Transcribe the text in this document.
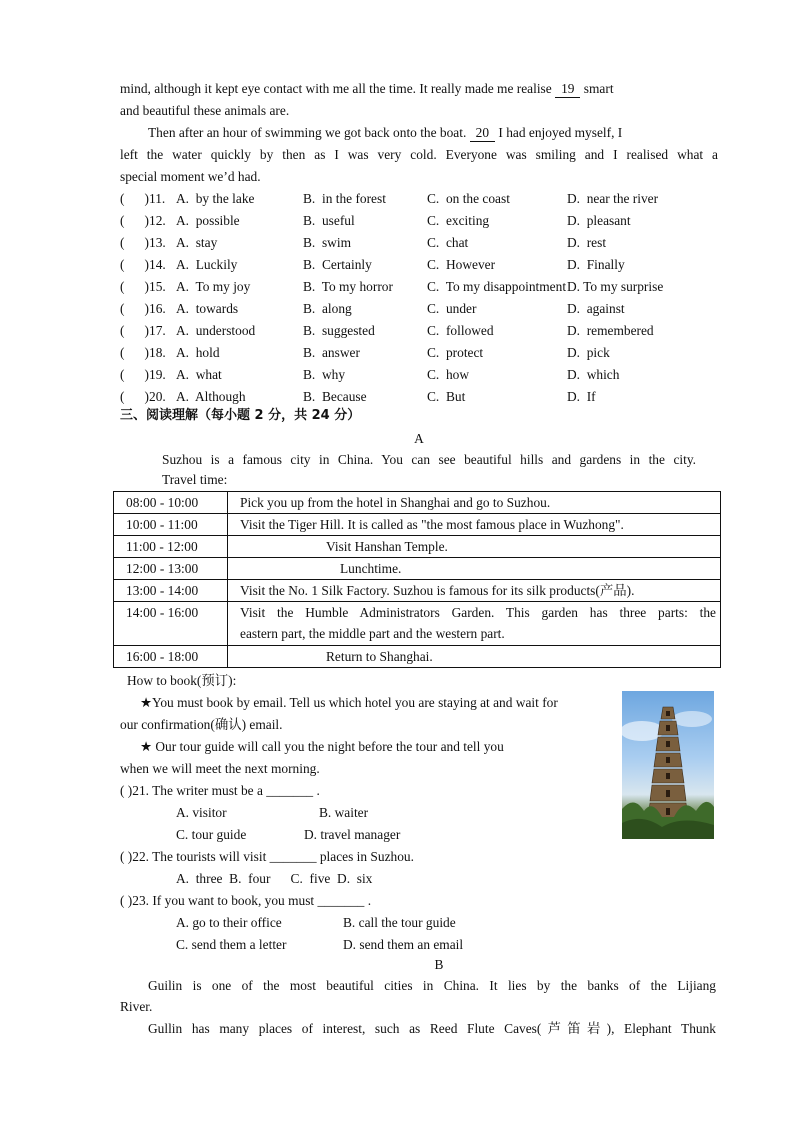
mind, although it kept eye contact with me all the time. It really made me realise 19 smart
and beautiful these animals are.
Then after an hour of swimming we got back onto the boat. 20 I had enjoyed myself, I
left the water quickly by then as I was very cold. Everyone was smiling and I realised what a
special moment we’d had.
(      )11. A.  by the lake	B.  in the forest	C.  on the coast	D.  near the river
(      )12. A.  possible	B.  useful	C.  exciting	D.  pleasant
(      )13. A.  stay	B.  swim	C.  chat	D.  rest
(      )14. A.  Luckily	B.  Certainly	C.  However	D.  Finally
(      )15. A.  To my joy	B.  To my horror	C.  To my disappointment D. To my surprise
(      )16. A.  towards	B.  along	C.  under	D.  against
(      )17. A.  understood	B.  suggested	C.  followed	D.  remembered
(      )18. A.  hold	B.  answer	C.  protect	D.  pick
(      )19. A.  what	B.  why	C.  how	D.  which
(      )20. A.  Although	B.  Because	C.  But	D.  If
三、阅读理解（每小题 2 分，共 24 分）
A
Suzhou is a famous city in China. You can see beautiful hills and gardens in the city.
Travel time:
08:00 - 10:00	Pick you up from the hotel in Shanghai and go to Suzhou.

10:00 - 11:00	Visit the Tiger Hill. It is called as "the most famous place in Wuzhong".

11:00 - 12:00	Visit Hanshan Temple.

12:00 - 13:00	Lunchtime.

13:00 - 14:00	Visit the No. 1 Silk Factory. Suzhou is famous for its silk products(产品).

14:00 - 16:00	Visit the Humble Administrators Garden. This garden has three parts: the
eastern part, the middle part and the western part.

16:00 - 18:00	Return to Shanghai.
How to book(预订):
★You must book by email. Tell us which hotel you are staying at and wait for
our confirmation(确认) email.
★ Our tour guide will call you the night before the tour and tell you
when we will meet the next morning.
( )21. The writer must be a _______ .
A. visitor	B. waiter
C. tour guide	D. travel manager
( )22. The tourists will visit _______ places in Suzhou.
A.  three  B.  four      C.  five  D.  six
( )23. If you want to book, you must _______ .
A. go to their office	B. call the tour guide
C. send them a letter	D. send them an email
B
Guilin is one of the most beautiful cities in China. It lies by the banks of the Lijiang
River.
Gullin has many places of interest, such as Reed Flute Caves(芦笛岩), Elephant Thunk
